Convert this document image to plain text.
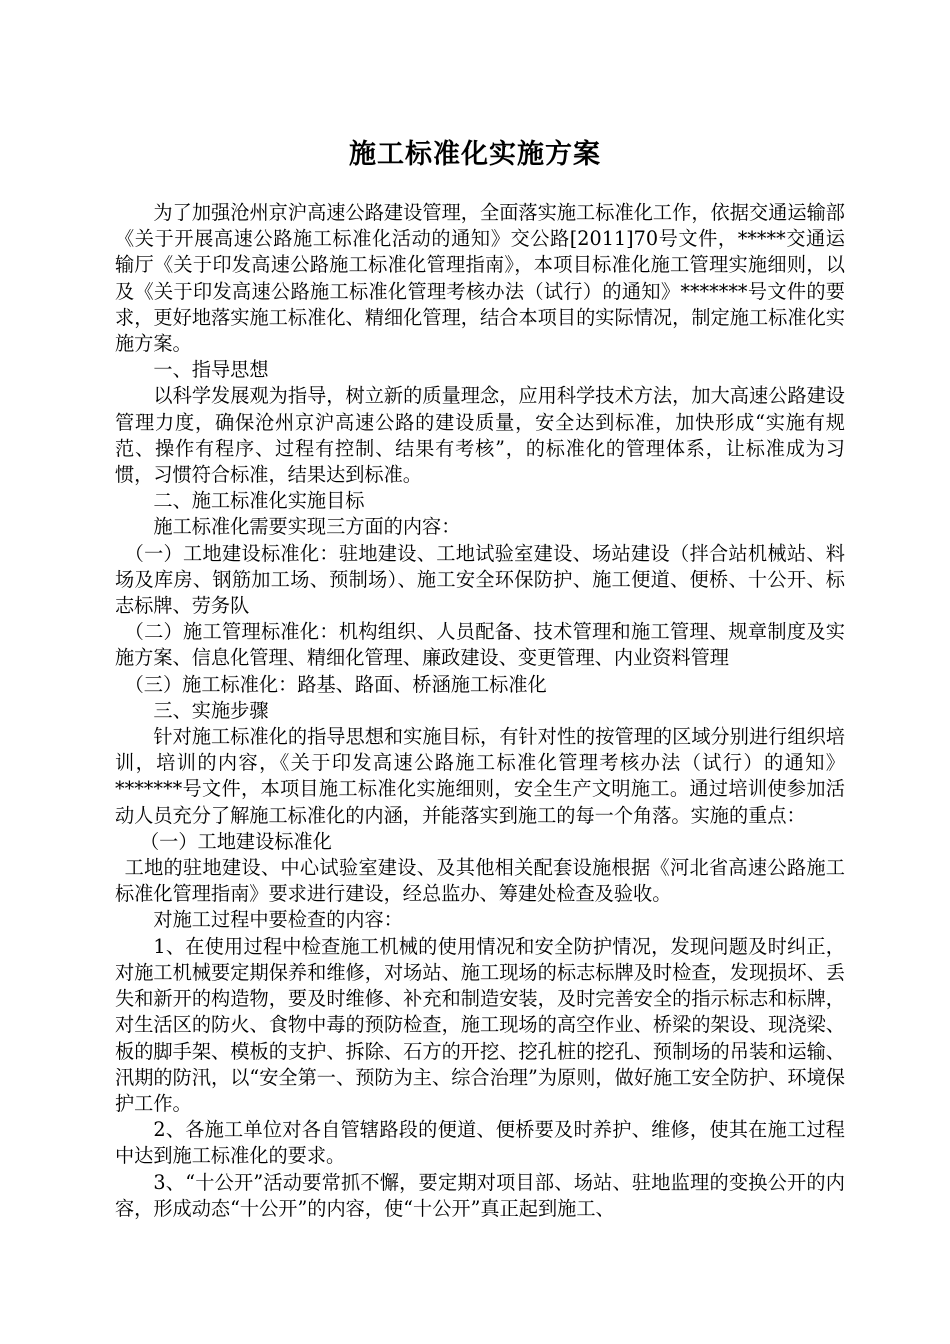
施工标准化实施方案

为了加强沧州京沪高速公路建设管理，全面落实施工标准化工作，依据交通运输部《关于开展高速公路施工标准化活动的通知》交公路[2011]70号文件，*****交通运输厅《关于印发高速公路施工标准化管理指南》，本项目标准化施工管理实施细则，以及《关于印发高速公路施工标准化管理考核办法（试行）的通知》*******号文件的要求，更好地落实施工标准化、精细化管理，结合本项目的实际情况，制定施工标准化实施方案。

一、指导思想

以科学发展观为指导，树立新的质量理念，应用科学技术方法，加大高速公路建设管理力度，确保沧州京沪高速公路的建设质量，安全达到标准，加快形成“实施有规范、操作有程序、过程有控制、结果有考核”，的标准化的管理体系，让标准成为习惯，习惯符合标准，结果达到标准。

二、施工标准化实施目标

施工标准化需要实现三方面的内容：

（一）工地建设标准化：驻地建设、工地试验室建设、场站建设（拌合站机械站、料场及库房、钢筋加工场、预制场）、施工安全环保防护、施工便道、便桥、十公开、标志标牌、劳务队

（二）施工管理标准化：机构组织、人员配备、技术管理和施工管理、规章制度及实施方案、信息化管理、精细化管理、廉政建设、变更管理、内业资料管理

（三）施工标准化：路基、路面、桥涵施工标准化

三、实施步骤

针对施工标准化的指导思想和实施目标，有针对性的按管理的区域分别进行组织培训，培训的内容，《关于印发高速公路施工标准化管理考核办法（试行）的通知》*******号文件，本项目施工标准化实施细则，安全生产文明施工。通过培训使参加活动人员充分了解施工标准化的内涵，并能落实到施工的每一个角落。实施的重点：

（一）工地建设标准化

工地的驻地建设、中心试验室建设、及其他相关配套设施根据《河北省高速公路施工标准化管理指南》要求进行建设，经总监办、筹建处检查及验收。

对施工过程中要检查的内容：

1、在使用过程中检查施工机械的使用情况和安全防护情况，发现问题及时纠正，对施工机械要定期保养和维修，对场站、施工现场的标志标牌及时检查，发现损坏、丢失和新开的构造物，要及时维修、补充和制造安装，及时完善安全的指示标志和标牌，对生活区的防火、食物中毒的预防检查，施工现场的高空作业、桥梁的架设、现浇梁、板的脚手架、模板的支护、拆除、石方的开挖、挖孔桩的挖孔、预制场的吊装和运输、汛期的防汛，以“安全第一、预防为主、综合治理”为原则，做好施工安全防护、环境保护工作。

2、各施工单位对各自管辖路段的便道、便桥要及时养护、维修，使其在施工过程中达到施工标准化的要求。

3、“十公开”活动要常抓不懈，要定期对项目部、场站、驻地监理的变换公开的内容，形成动态“十公开”的内容，使“十公开”真正起到施工、
